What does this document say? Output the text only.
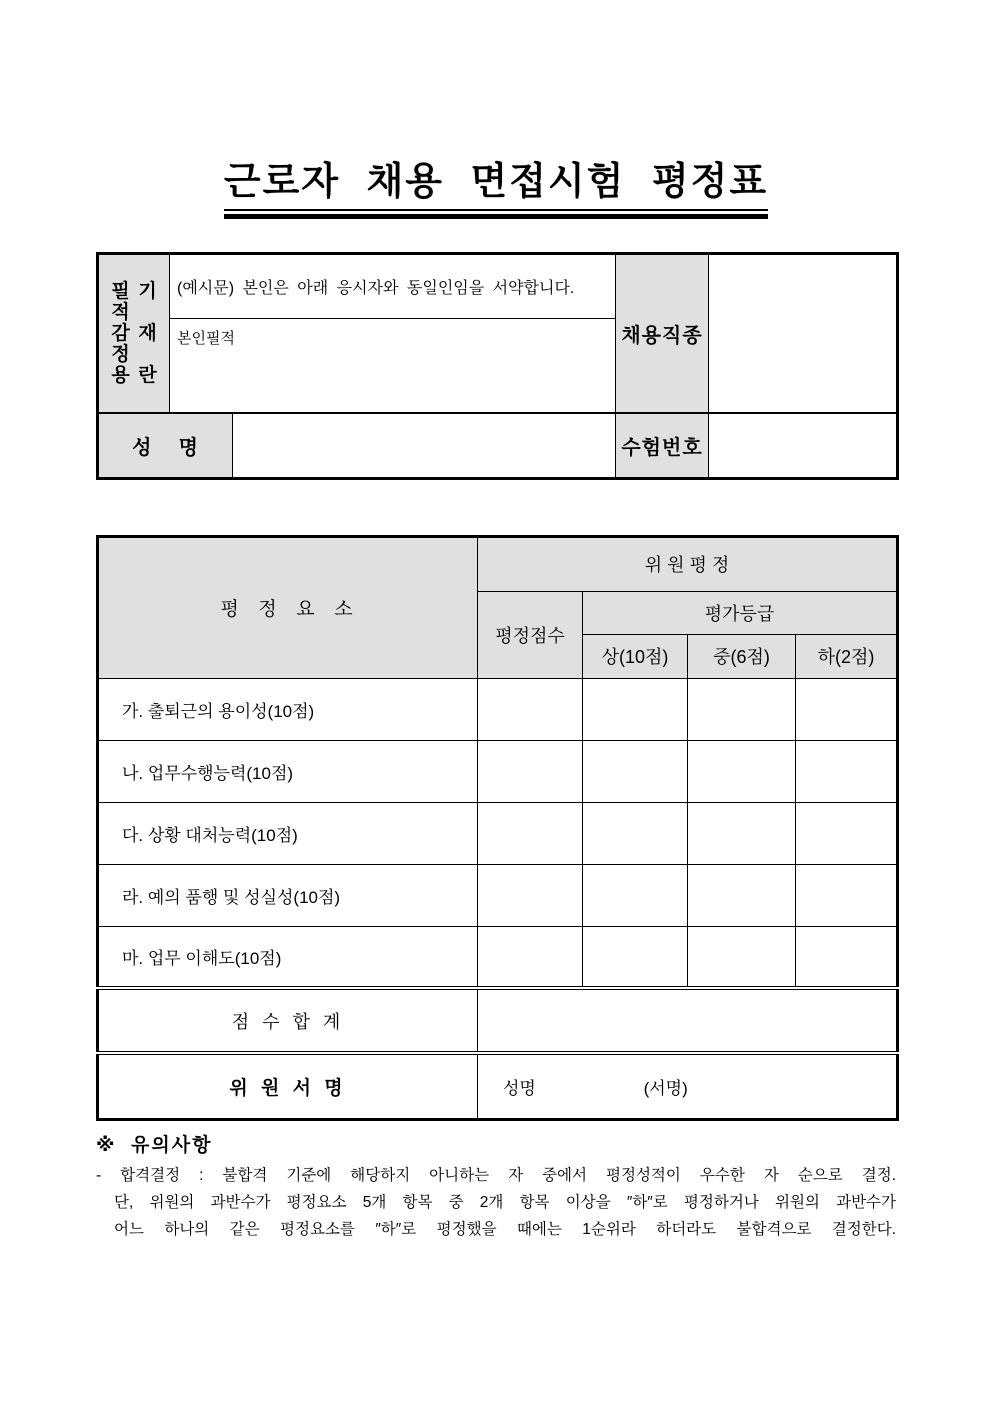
근로자 채용 면접시험 평정표
필 기
적
감 재
정
용 란

(예시문) 본인은 아래 응시자와 동일인임을 서약합니다.
본인필적	채용직종	
성    명			수험번호	
평  정  요  소	위 원 평 정			
	평정점수	평가등급		
		상(10점)	중(6점)	하(2점)
가. 출퇴근의 용이성(10점)				
나. 업무수행능력(10점)				
다. 상황 대처능력(10점)				
라. 예의 품행 및 성실성(10점)				
마. 업무 이해도(10점)				
점 수 합 계				
위 원 서 명	성명 (서명)			
※  유의사항
- 합격결정 : 불합격 기준에 해당하지 아니하는 자 중에서 평정성적이 우수한 자 순으로 결정.
단, 위원의 과반수가 평정요소 5개 항목 중 2개 항목 이상을 ″하″로 평정하거나 위원의 과반수가
어느 하나의 같은 평정요소를 ″하″로 평정했을 때에는 1순위라 하더라도 불합격으로 결정한다.
